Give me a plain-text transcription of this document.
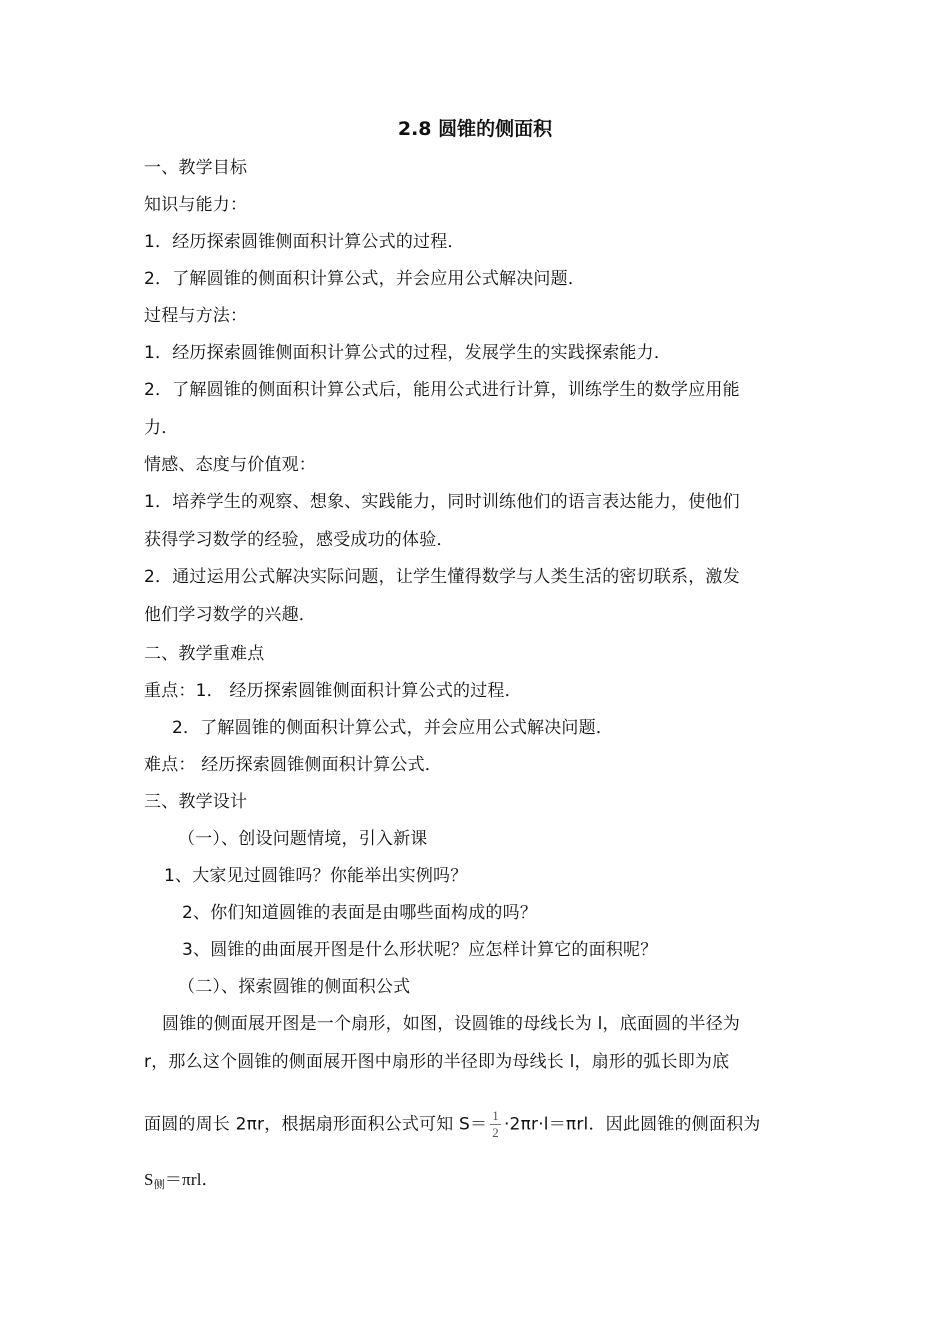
2.8 圆锥的侧面积
一、教学目标
知识与能力：
1．经历探索圆锥侧面积计算公式的过程．
2．了解圆锥的侧面积计算公式，并会应用公式解决问题．
过程与方法：
1．经历探索圆锥侧面积计算公式的过程，发展学生的实践探索能力．
2．了解圆锥的侧面积计算公式后，能用公式进行计算，训练学生的数学应用能
力．
情感、态度与价值观：
1．培养学生的观察、想象、实践能力，同时训练他们的语言表达能力，使他们
获得学习数学的经验，感受成功的体验．
2．通过运用公式解决实际问题，让学生懂得数学与人类生活的密切联系，激发
他们学习数学的兴趣．
二、教学重难点
重点：1． 经历探索圆锥侧面积计算公式的过程．
2．了解圆锥的侧面积计算公式，并会应用公式解决问题．
难点： 经历探索圆锥侧面积计算公式．
三、教学设计
（一）、创设问题情境，引入新课
1、大家见过圆锥吗？你能举出实例吗？
2、你们知道圆锥的表面是由哪些面构成的吗？
3、圆锥的曲面展开图是什么形状呢？应怎样计算它的面积呢？
（二）、探索圆锥的侧面积公式
圆锥的侧面展开图是一个扇形，如图，设圆锥的母线长为 l，底面圆的半径为
r，那么这个圆锥的侧面展开图中扇形的半径即为母线长 l，扇形的弧长即为底
面圆的周长 2πr，根据扇形面积公式可知 $S= \frac{1}{2} \cdot 2\pi r\cdot l=\pi rl$．因此圆锥的侧面积为
$S_侧=\pi rl$．
